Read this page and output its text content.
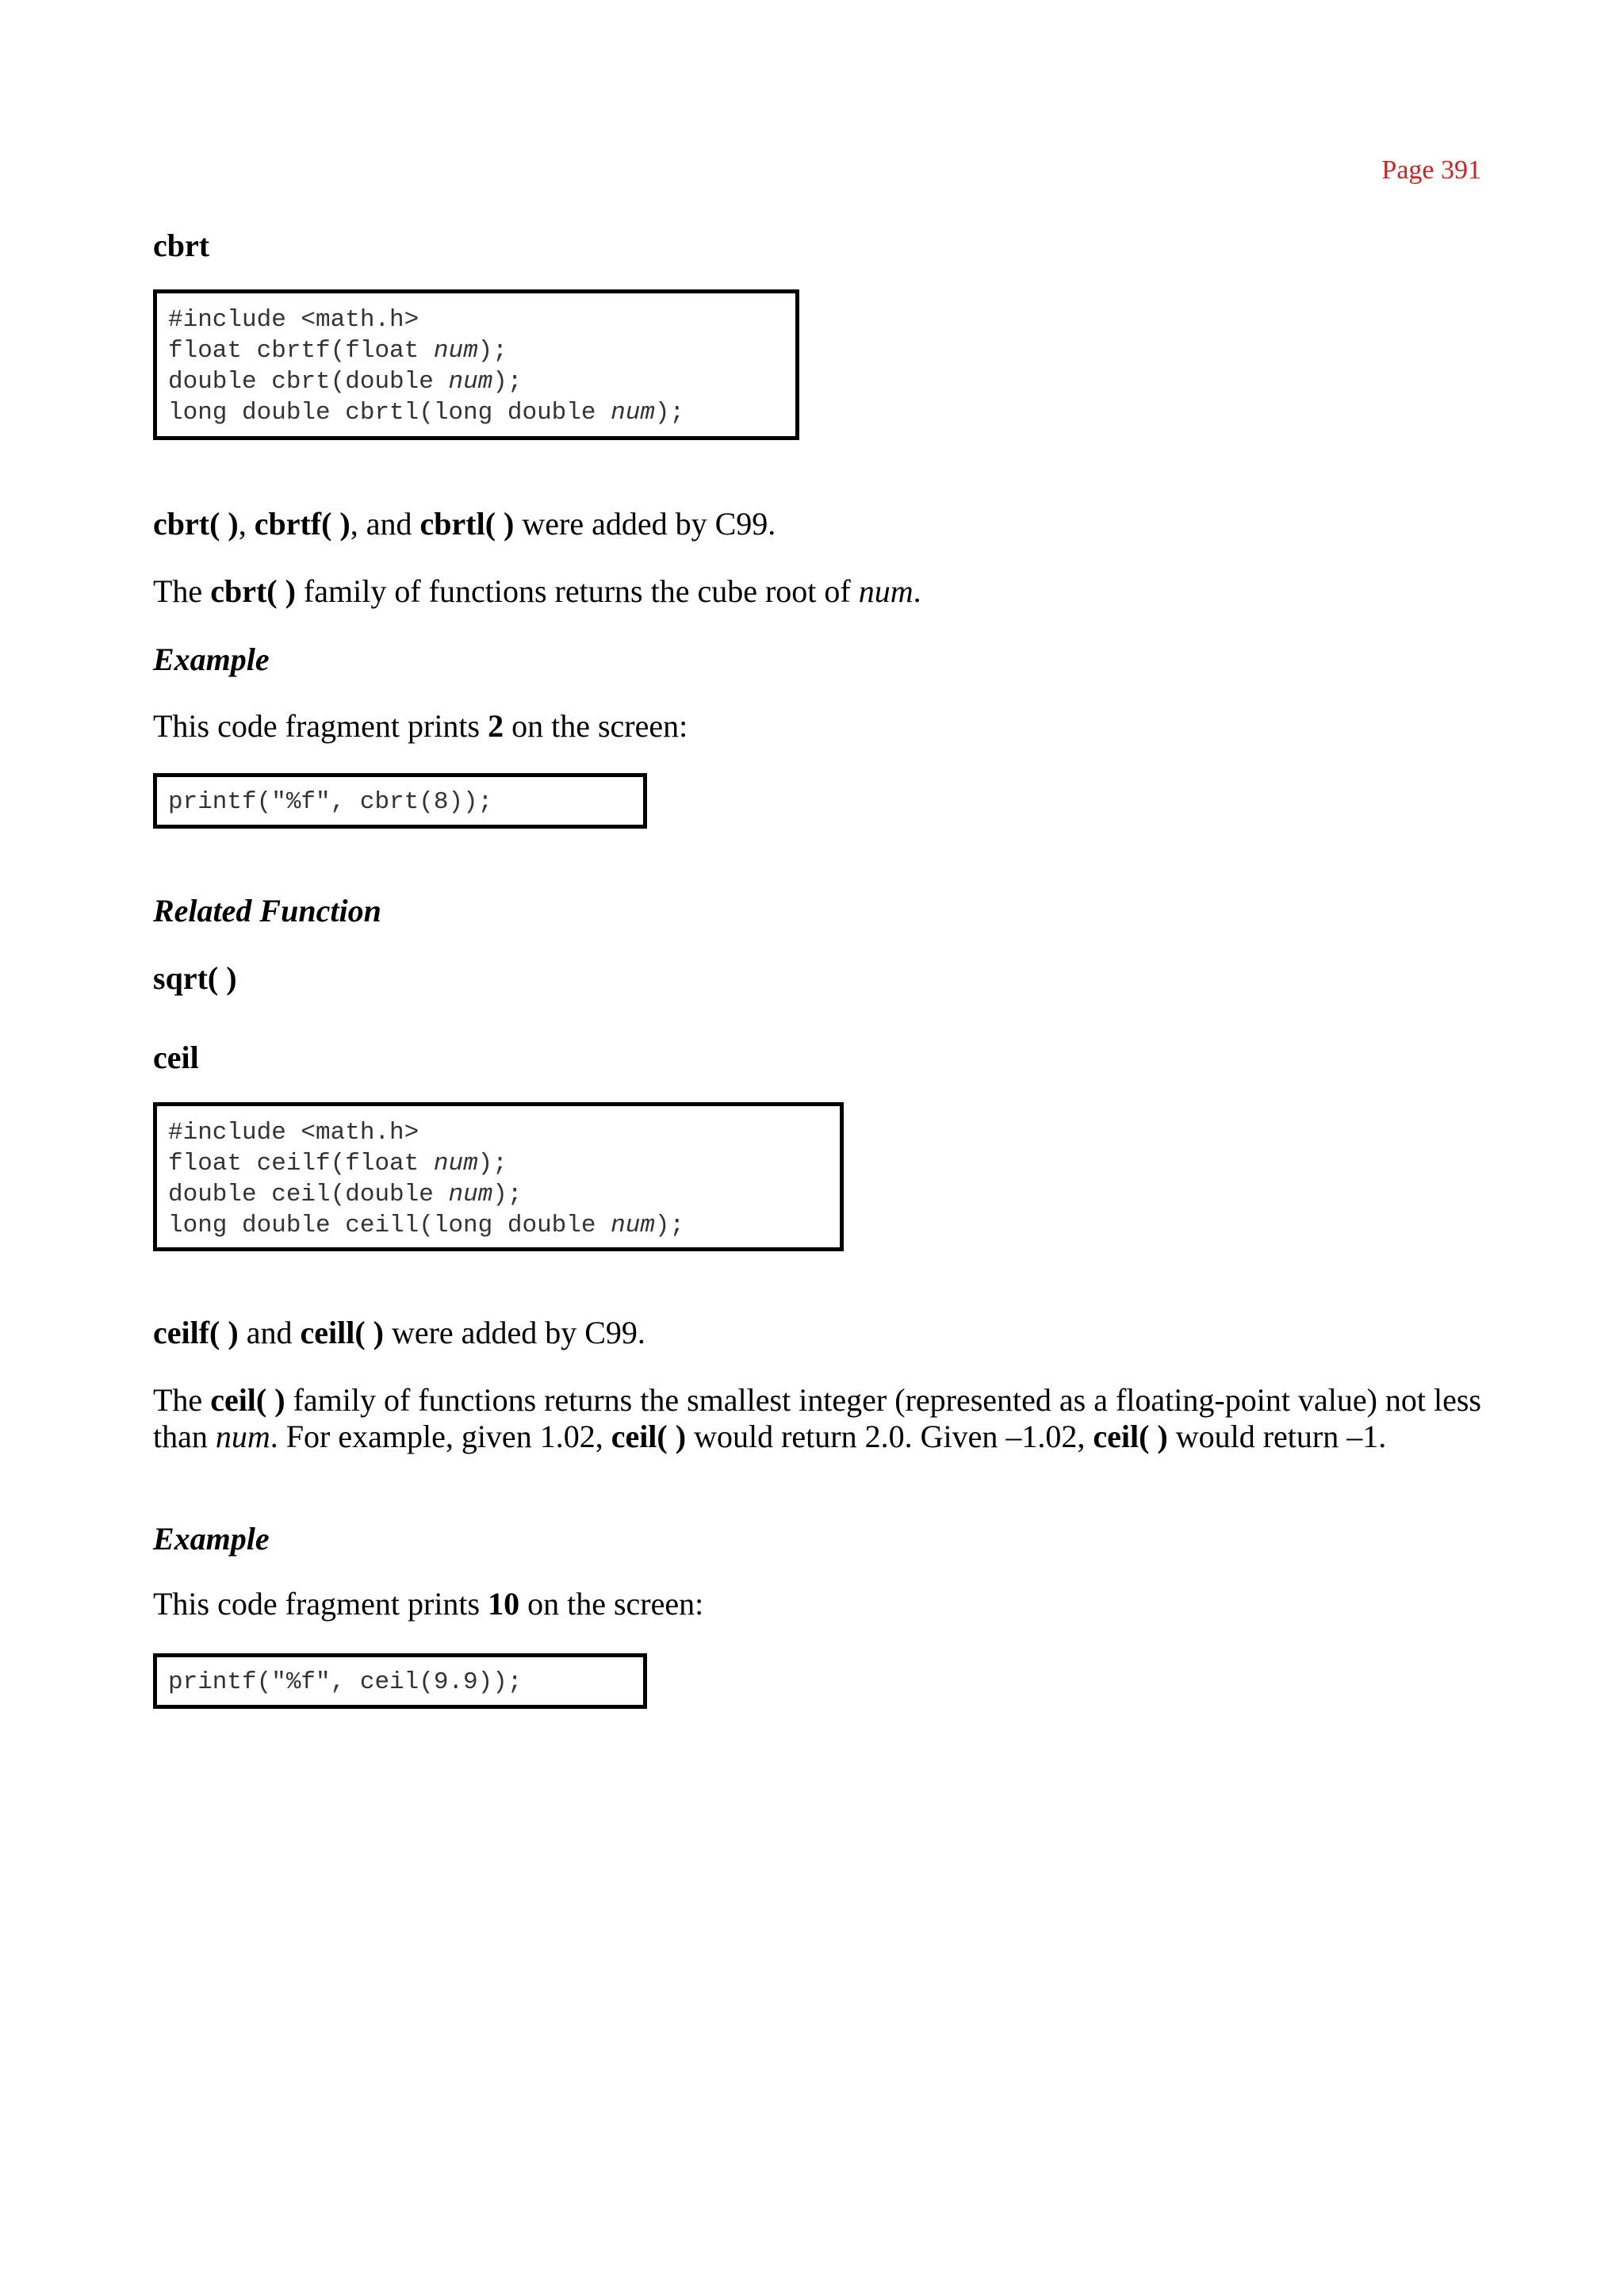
Page 391
cbrt
#include <math.h>
float cbrtf(float num);
double cbrt(double num);
long double cbrtl(long double num);
cbrt( ), cbrtf( ), and cbrtl( ) were added by C99.
The cbrt( ) family of functions returns the cube root of num.
Example
This code fragment prints 2 on the screen:
printf("%f", cbrt(8));
Related Function
sqrt( )
ceil
#include <math.h>
float ceilf(float num);
double ceil(double num);
long double ceill(long double num);
ceilf( ) and ceill( ) were added by C99.
The ceil( ) family of functions returns the smallest integer (represented as a floating-point value) not less than num. For example, given 1.02, ceil( ) would return 2.0. Given –1.02, ceil( ) would return –1.
Example
This code fragment prints 10 on the screen:
printf("%f", ceil(9.9));
